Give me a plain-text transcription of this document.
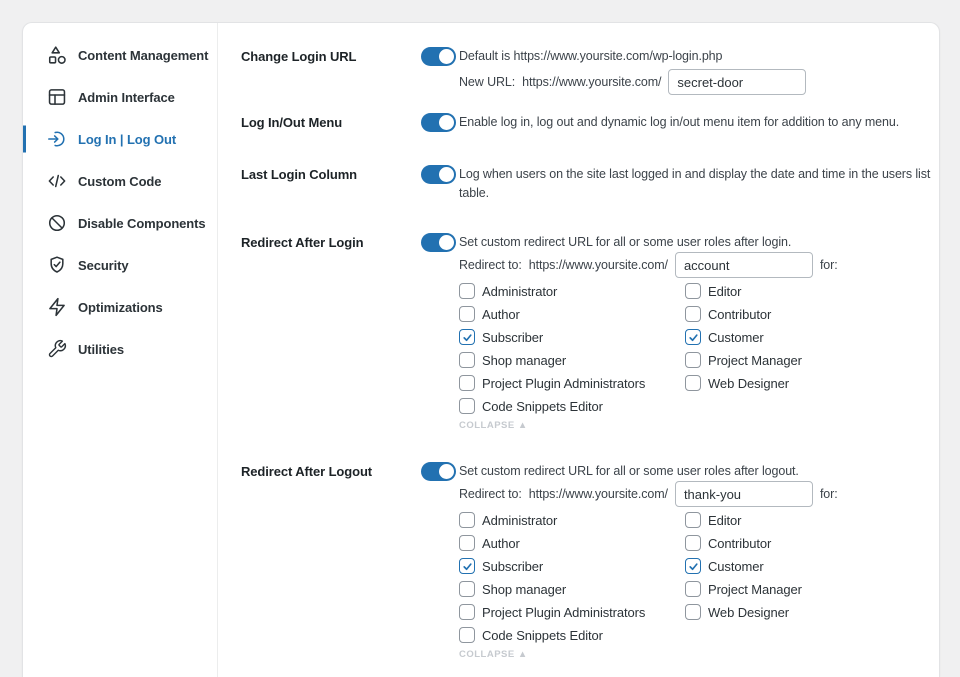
Content Management
Admin Interface
Log In | Log Out
Custom Code
Disable Components
Security
Optimizations
Utilities
Change Login URL	Default is https://www.yoursite.com/wp-login.php
New URL: https://www.yoursite.com/
secret-door
Log In/Out Menu	Enable log in, log out and dynamic log in/out menu item for addition to any menu.
Last Login Column	Log when users on the site last logged in and display the date and time in the users list table.
Redirect After Login	Set custom redirect URL for all or some user roles after login.
Redirect to: https://www.yoursite.com/
account	for:
Administrator	Editor
Author	Contributor
Subscriber	Customer
Shop manager	Project Manager
Project Plugin Administrators	Web Designer
Code Snippets Editor
COLLAPSE ▲
Redirect After Logout	Set custom redirect URL for all or some user roles after logout.
Redirect to: https://www.yoursite.com/
thank-you	for:
Administrator	Editor
Author	Contributor
Subscriber	Customer
Shop manager	Project Manager
Project Plugin Administrators	Web Designer
Code Snippets Editor
COLLAPSE ▲
